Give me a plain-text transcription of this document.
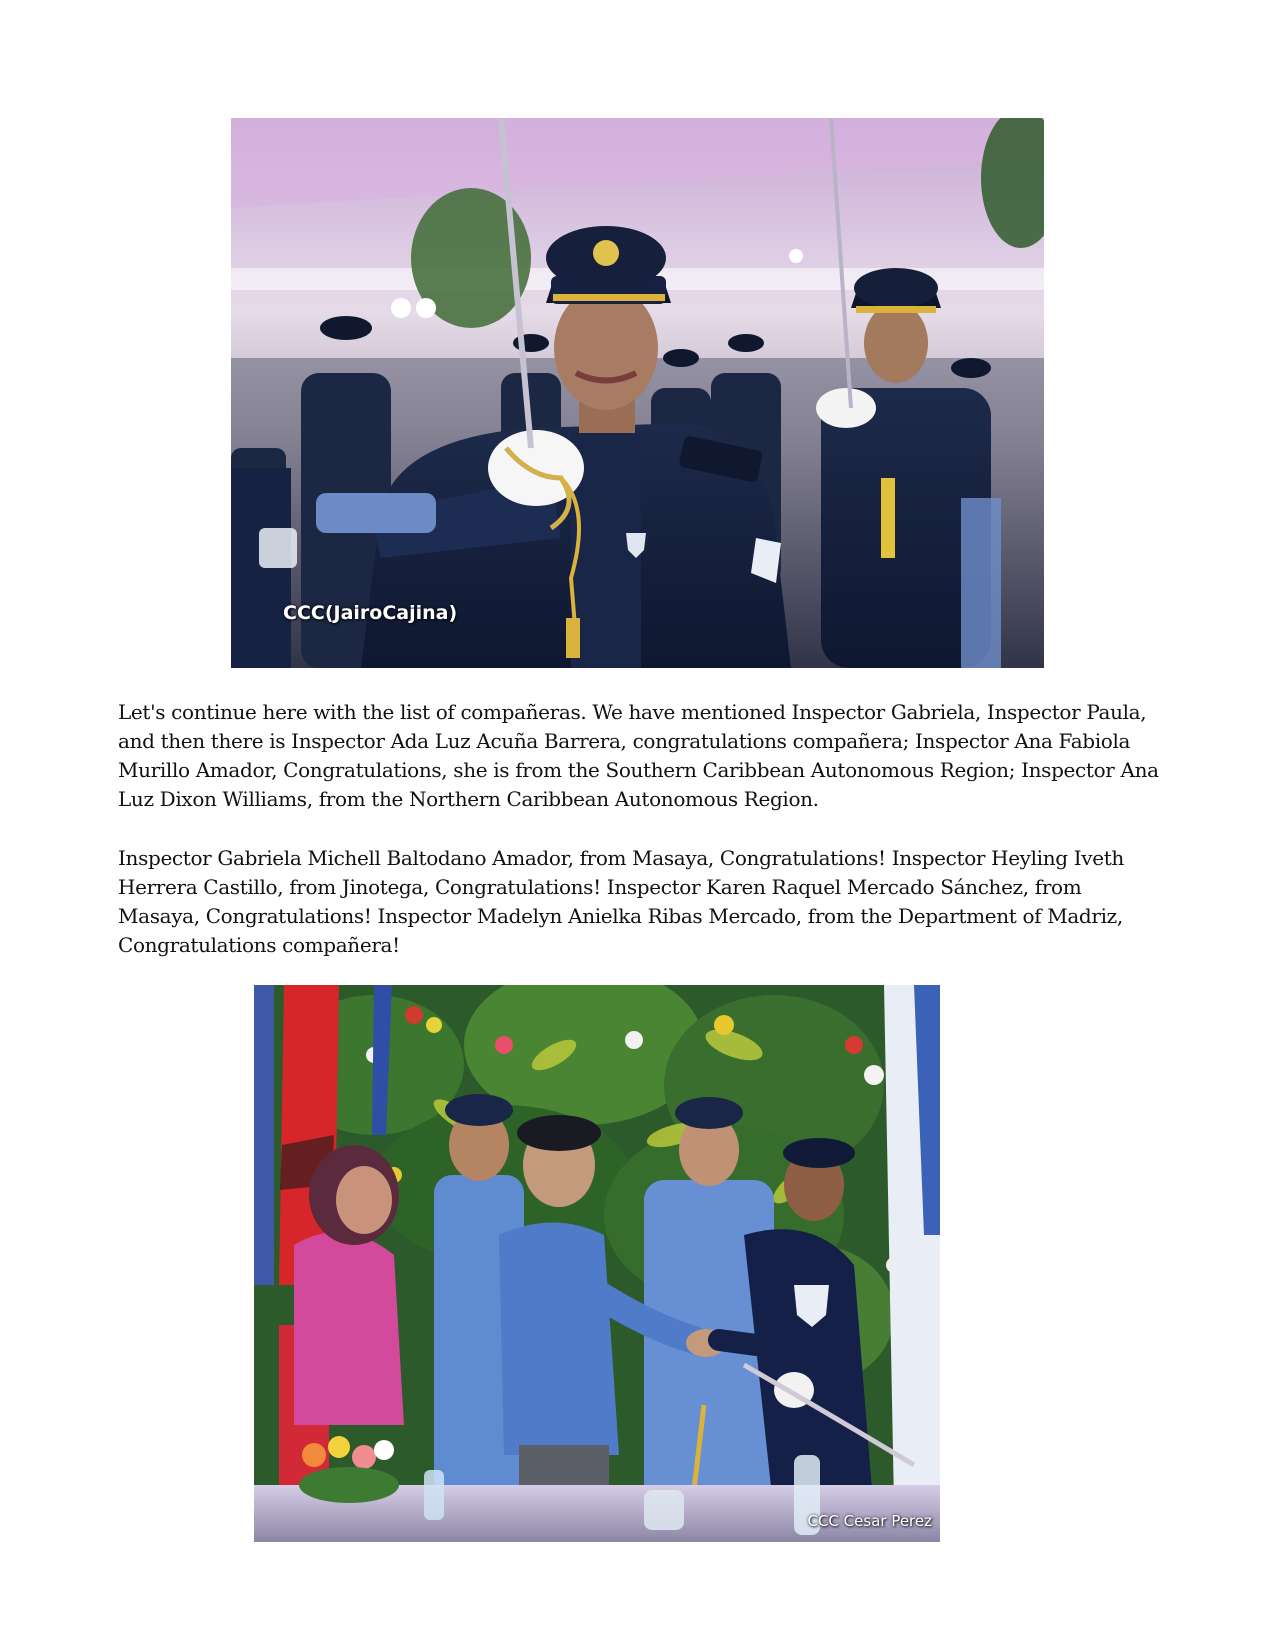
CCC(JairoCajina)

Let's continue here with the list of compañeras. We have mentioned Inspector Gabriela, Inspector Paula, and then there is Inspector Ada Luz Acuña Barrera, congratulations compañera; Inspector Ana Fabiola Murillo Amador, Congratulations, she is from the Southern Caribbean Autonomous Region; Inspector Ana Luz Dixon Williams, from the Northern Caribbean Autonomous Region.

Inspector Gabriela Michell Baltodano Amador, from Masaya, Congratulations! Inspector Heyling Iveth Herrera Castillo, from Jinotega, Congratulations! Inspector Karen Raquel Mercado Sánchez, from Masaya, Congratulations! Inspector Madelyn Anielka Ribas Mercado, from the Department of Madriz, Congratulations compañera!

CCC Cesar Perez
